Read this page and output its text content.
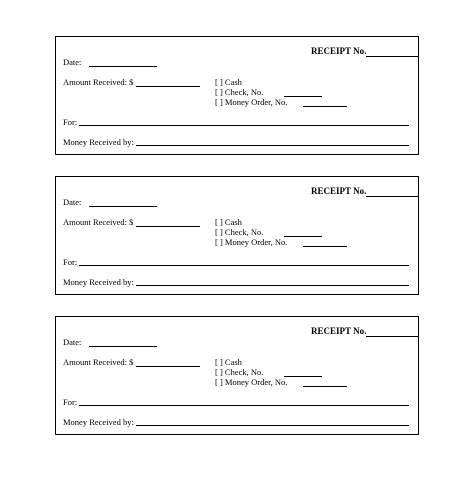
RECEIPT No.
Date:
Amount Received: $	[ ] Cash
[ ] Check, No.
[ ] Money Order, No.
For:
Money Received by:
RECEIPT No.
Date:
Amount Received: $	[ ] Cash
[ ] Check, No.
[ ] Money Order, No.
For:
Money Received by:
RECEIPT No.
Date:
Amount Received: $	[ ] Cash
[ ] Check, No.
[ ] Money Order, No.
For:
Money Received by:
